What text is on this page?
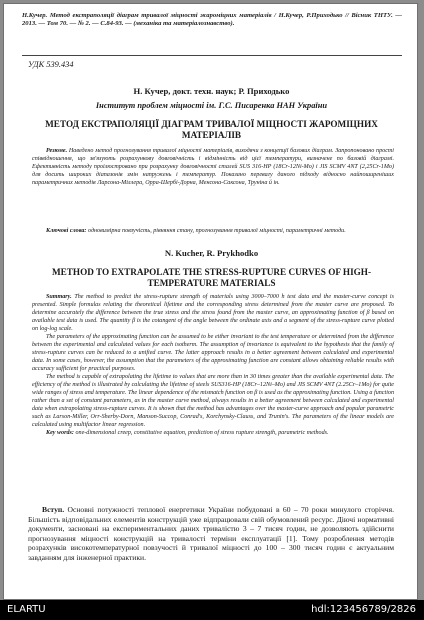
Н.Кучер. Метод екстраполяції діаграм тривалої міцності жароміцних матеріалів / Н.Кучер, Р.Приходько // Вісник ТНТУ. — 2013. — Том 70. — № 2. — С.84-93. — (механіка та матеріалознавство).
УДК 539.434
Н. Кучер, докт. техн. наук; Р. Приходько
Інститут проблем міцності ім. Г.С. Писаренка НАН України
МЕТОД ЕКСТРАПОЛЯЦІЇ ДІАГРАМ ТРИВАЛОЇ МІЦНОСТІ ЖАРОМІЦНИХ МАТЕРІАЛІВ
Резюме. Наведено метод прогнозування тривалої міцності матеріалів, виходячи з концепції базових діаграм. Запропоновано прості співвідношення, що зв'язують розрахункову довговічність і відмінність від цієї температури, визначене по базовій діаграмі. Ефективність методу проілюстровано при розрахунку довговічності сталей SUS 316-HP (18Cr-12Ni-Mo) і JIS SCMV 4NT (2,25Cr-1Mo) для досить широких діапазонів змін напружень і температур. Показано перевагу даного підходу відносно найпоширеніших параметричних методів Ларсона-Міллера, Орра-Шербі-Дорна, Менсона-Саксона, Труніна й ін.
Ключові слова: одновимірна повзучість, рівняння стану, прогнозування тривалої міцності, параметричні методи.
N. Kucher, R. Prykhodko
METHOD TO EXTRAPOLATE THE STRESS-RUPTURE CURVES OF HIGH-TEMPERATURE MATERIALS

Summary. The method to predict the stress-rupture strength of materials using 3000–7000 h test data and the master-curve concept is presented. Simple formulas relating the theoretical lifetime and the corresponding stress determined from the master curve are proposed. To determine accurately the difference between the true stress and the stress found from the master curve, an approximating function of β based on available test data is used. The quantity β is the cotangent of the angle between the ordinate axis and a segment of the stress-rupture curve plotted on log-log scale.

The parameters of the approximating function can be assumed to be either invariant to the test temperature or determined from the difference between the experimental and calculated values for each isotherm. The assumption of invariance is equivalent to the hypothesis that the family of stress-rupture curves can be reduced to a unified curve. The latter approach results in a better agreement between calculated and experimental data. In some cases, however, the assumption that the parameters of the approximating function are constant allows obtaining reliable results with accuracy sufficient for practical purposes.

The method is capable of extrapolating the lifetime to values that are more than in 30 times greater than the available experimental data. The efficiency of the method is illustrated by calculating the lifetime of steels SUS316-HP (18Cr–12Ni–Mo) and JIS SCMV 4NT (2.25Cr–1Mo) for quite wide ranges of stress and temperature. The linear dependence of the mismatch function on β is used as the approximating function. Using a function rather than a set of constant parameters, as in the master curve method, always results in a better agreement between calculated and experimental data when extrapolating stress-rupture curves. It is shown that the method has advantages over the master-curve approach and popular parametric such as Larson-Miller, Orr-Sherby-Dorn, Manson-Succop, Conrad's, Korchynsky-Clauss, and Trunin's. The parameters of the linear models are calculated using multifactor linear regression.

Key words: one-dimensional creep, constitutive equation, prediction of stress rupture strength, parametric methods.

Вступ. Основні потужності теплової енергетики України побудовані в 60 – 70 роки минулого сторіччя. Більшість відповідальних елементів конструкцій уже відпрацювали свій обумовлений ресурс. Діючі нормативні документи, засновані на експериментальних даних тривалістю 3 – 7 тисяч годин, не дозволяють здійснити прогнозування міцності конструкцій на тривалості терміни експлуатації [1]. Тому розроблення методів розрахунків високотемпературної повзучості й тривалої міцності до 100 – 300 тисяч годин є актуальним завданням для інженерної практики.
ELARTU	hdl:123456789/2826
